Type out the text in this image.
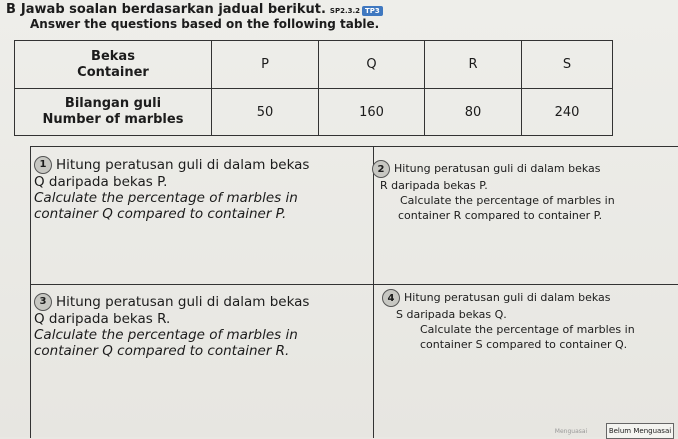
B Jawab soalan berdasarkan jadual berikut. SP2.3.2 TP3
Answer the questions based on the following table.
Bekas
Container	P	Q	R	S

Bilangan guli
Number of marbles	50	160	80	240
1 Hitung peratusan guli di dalam bekas
Q daripada bekas P.
Calculate the percentage of marbles in
container Q compared to container P.
2 Hitung peratusan guli di dalam bekas
R daripada bekas P.
Calculate the percentage of marbles in
container R compared to container P.
3 Hitung peratusan guli di dalam bekas
Q daripada bekas R.
Calculate the percentage of marbles in
container Q compared to container R.
4 Hitung peratusan guli di dalam bekas
S daripada bekas Q.
Calculate the percentage of marbles in
container S compared to container Q.
Menguasai	Belum Menguasai
